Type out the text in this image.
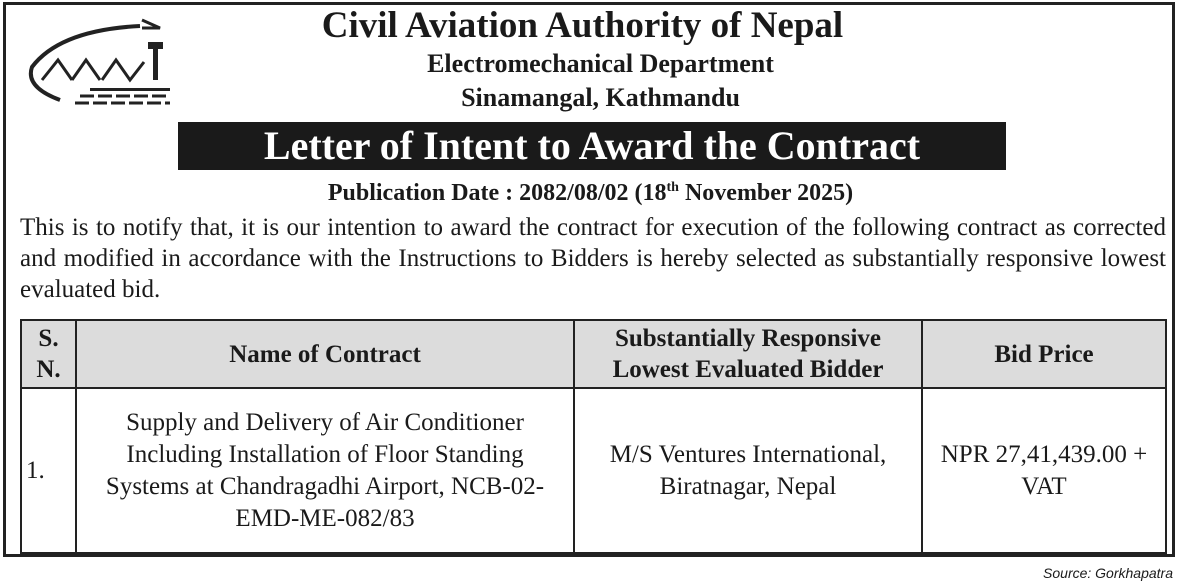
Civil Aviation Authority of Nepal
Electromechanical Department
Sinamangal, Kathmandu
Letter of Intent to Award the Contract
Publication Date : 2082/08/02 (18th November 2025)
This is to notify that, it is our intention to award the contract for execution of the following contract as corrected and modified in accordance with the Instructions to Bidders is hereby selected as substantially responsive lowest evaluated bid.
S. N.	Name of Contract	Substantially Responsive Lowest Evaluated Bidder	Bid Price
1.	Supply and Delivery of Air Conditioner Including Installation of Floor Standing Systems at Chandragadhi Airport, NCB-02-EMD-ME-082/83	M/S Ventures International, Biratnagar, Nepal	NPR 27,41,439.00 + VAT
Source: Gorkhapatra
